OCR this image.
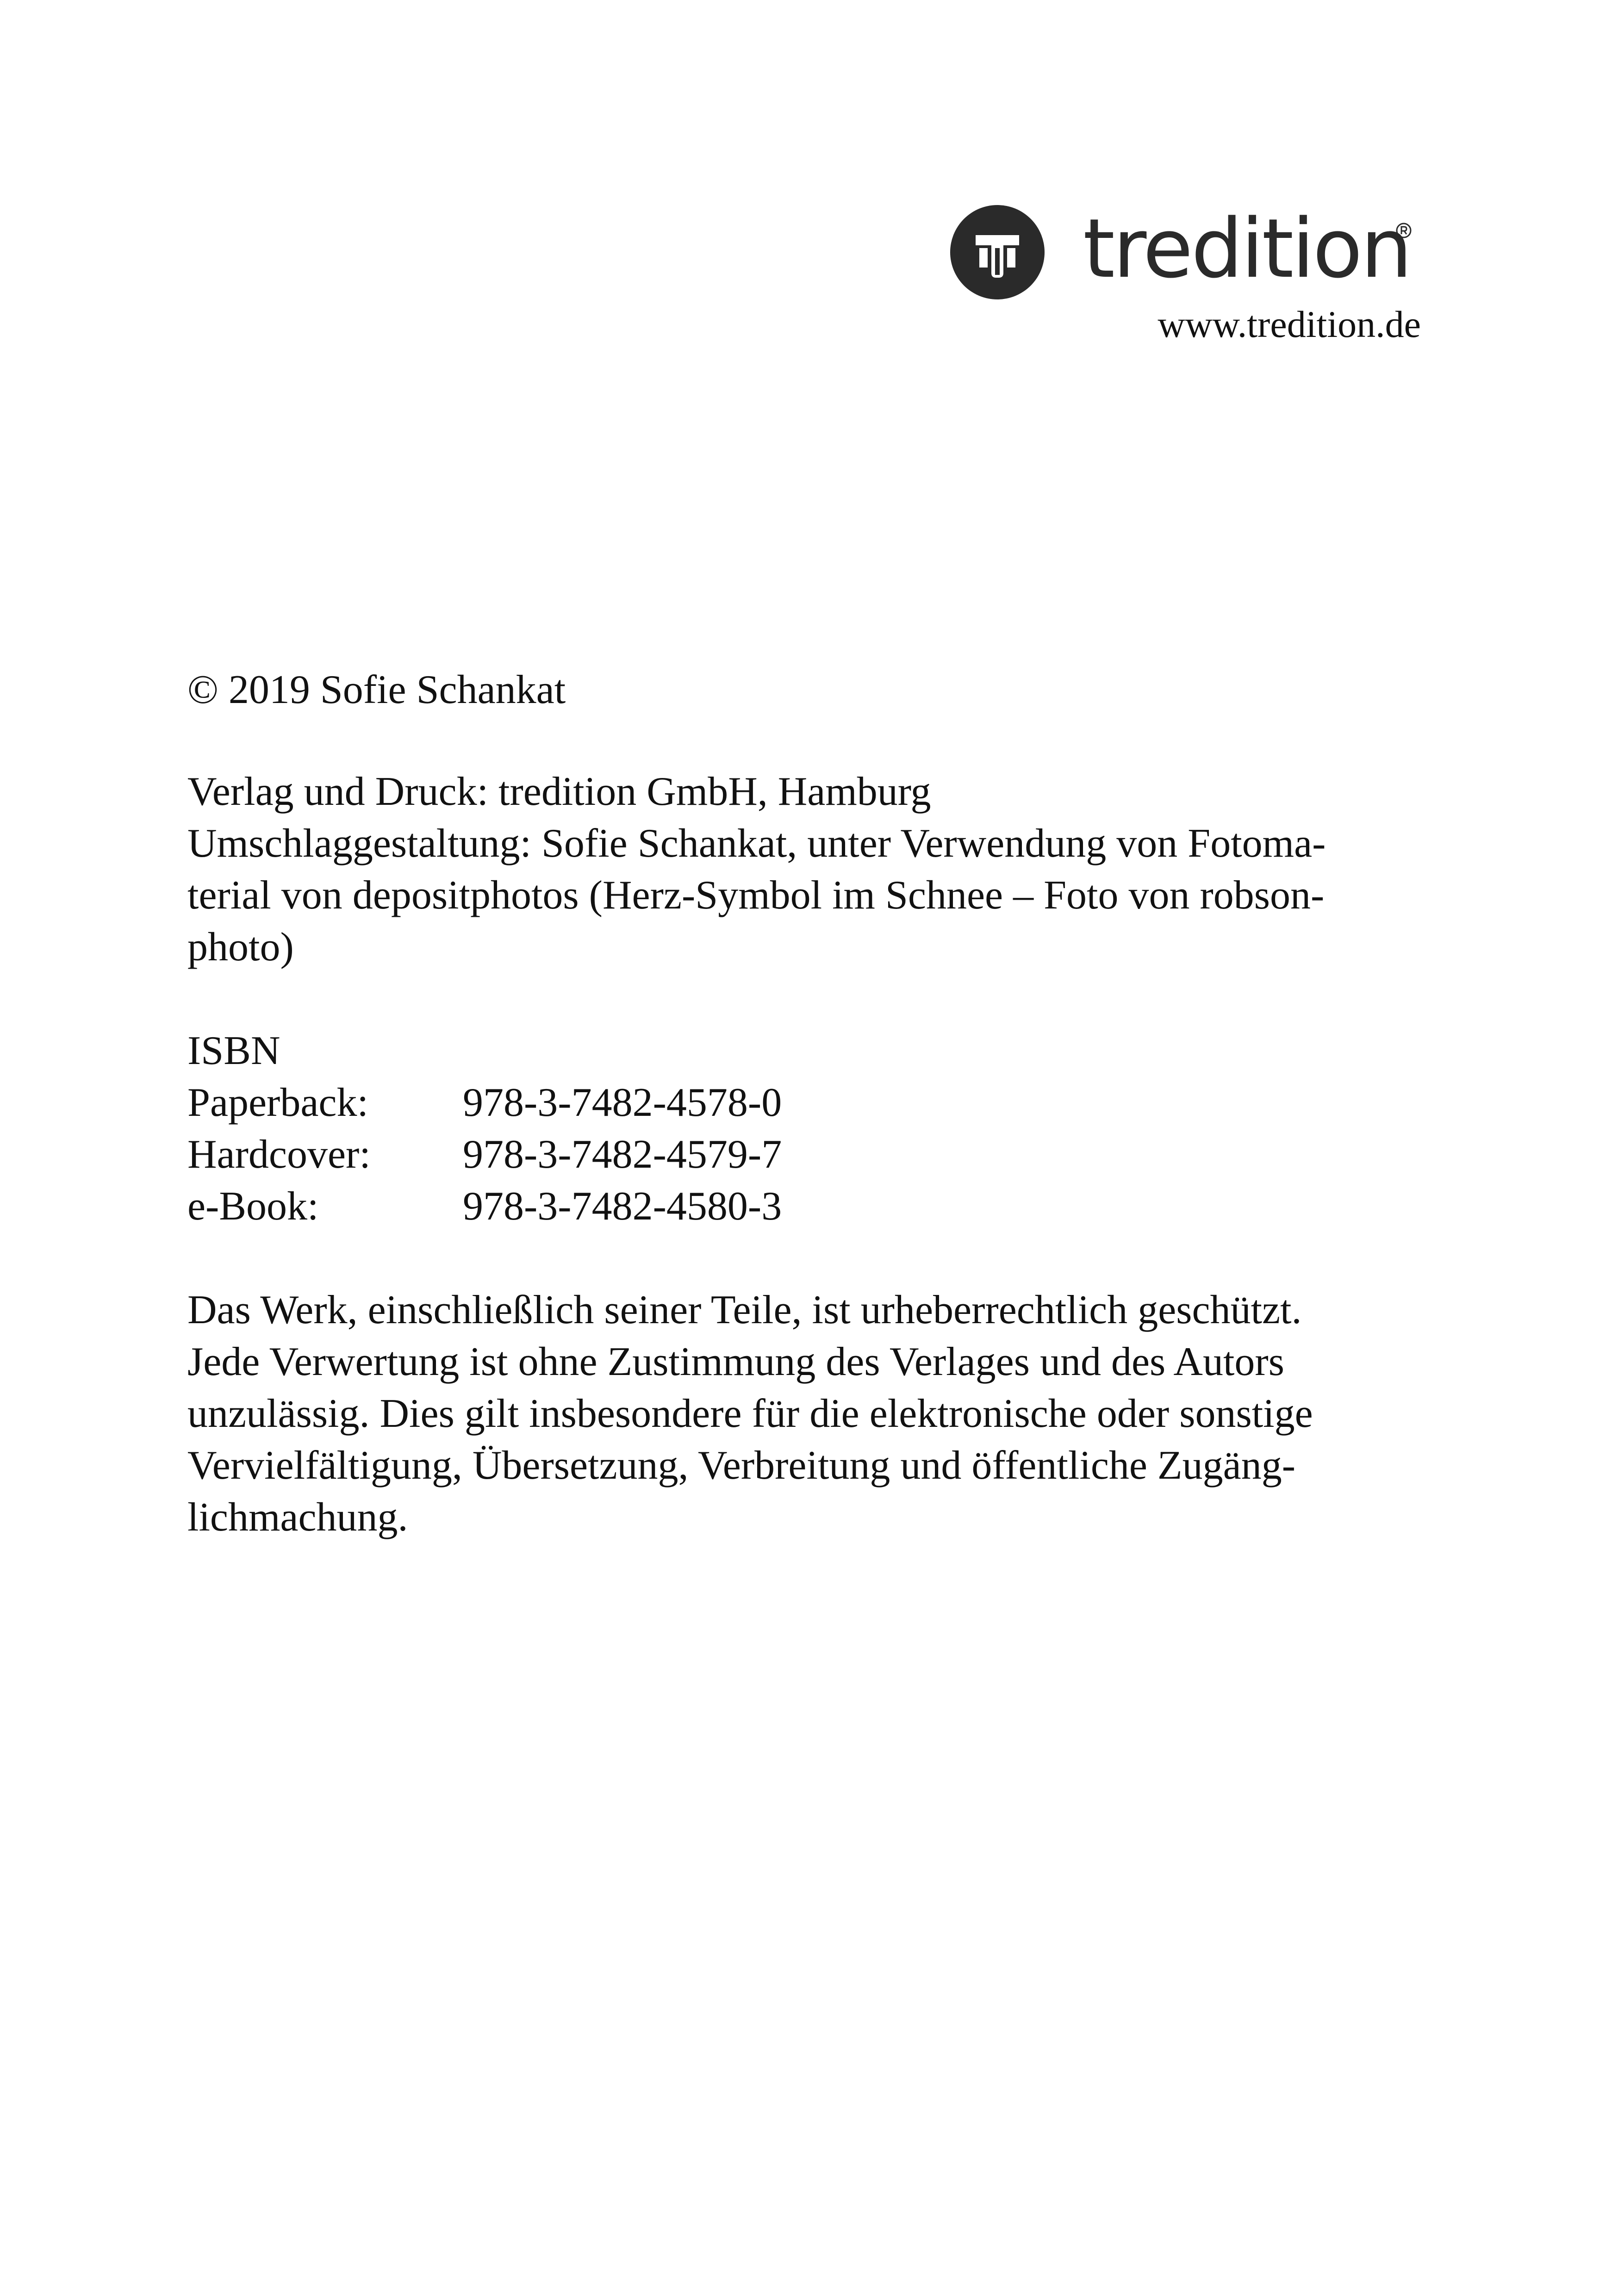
tredition
www.tredition.de
© 2019 Sofie Schankat
Verlag und Druck: tredition GmbH, Hamburg
Umschlaggestaltung: Sofie Schankat, unter Verwendung von Fotoma-
terial von depositphotos (Herz-Symbol im Schnee – Foto von robson-
photo)
ISBN
Paperback:	978-3-7482-4578-0
Hardcover:	978-3-7482-4579-7
e-Book:	978-3-7482-4580-3
Das Werk, einschließlich seiner Teile, ist urheberrechtlich geschützt.
Jede Verwertung ist ohne Zustimmung des Verlages und des Autors
unzulässig. Dies gilt insbesondere für die elektronische oder sonstige
Vervielfältigung, Übersetzung, Verbreitung und öffentliche Zugäng-
lichmachung.
